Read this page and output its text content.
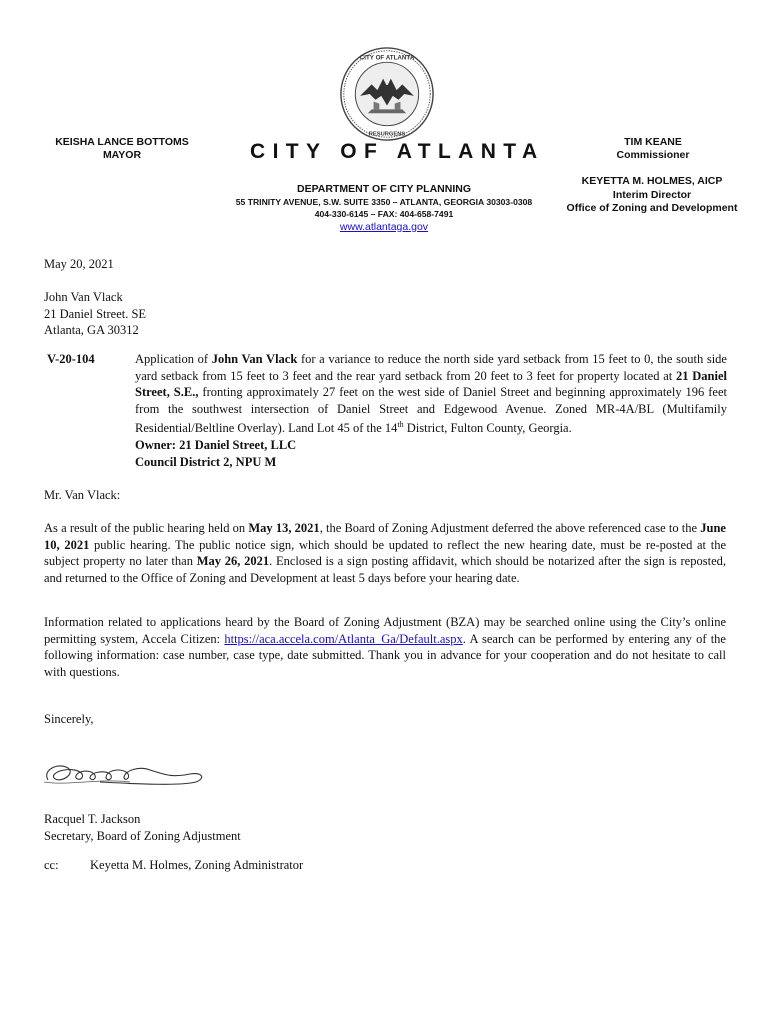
CITY OF ATLANTA
RESURGENS
KEISHA LANCE BOTTOMS
MAYOR	CITY OF ATLANTA	TIM KEANE
Commissioner
KEYETTA M. HOLMES, AICP
Interim Director
Office of Zoning and Development
DEPARTMENT OF CITY PLANNING
55 TRINITY AVENUE, S.W. SUITE 3350 – ATLANTA, GEORGIA 30303-0308
404-330-6145 – FAX: 404-658-7491
www.atlantaga.gov
May 20, 2021
John Van Vlack
21 Daniel Street. SE
Atlanta, GA 30312
V-20-104	Application of John Van Vlack for a variance to reduce the north side yard setback from 15 feet to 0, the south side yard setback from 15 feet to 3 feet and the rear yard setback from 20 feet to 3 feet for property located at 21 Daniel Street, S.E., fronting approximately 27 feet on the west side of Daniel Street and beginning approximately 196 feet from the southwest intersection of Daniel Street and Edgewood Avenue. Zoned MR-4A/BL (Multifamily Residential/Beltline Overlay). Land Lot 45 of the 14th District, Fulton County, Georgia.
Owner: 21 Daniel Street, LLC
Council District 2, NPU M
Mr. Van Vlack:
As a result of the public hearing held on May 13, 2021, the Board of Zoning Adjustment deferred the above referenced case to the June 10, 2021 public hearing. The public notice sign, which should be updated to reflect the new hearing date, must be re-posted at the subject property no later than May 26, 2021. Enclosed is a sign posting affidavit, which should be notarized after the sign is reposted, and returned to the Office of Zoning and Development at least 5 days before your hearing date.
Information related to applications heard by the Board of Zoning Adjustment (BZA) may be searched online using the City’s online permitting system, Accela Citizen: https://aca.accela.com/Atlanta_Ga/Default.aspx. A search can be performed by entering any of the following information: case number, case type, date submitted. Thank you in advance for your cooperation and do not hesitate to call with questions.
Sincerely,
Racquel T. Jackson
Secretary, Board of Zoning Adjustment
cc:	Keyetta M. Holmes, Zoning Administrator
